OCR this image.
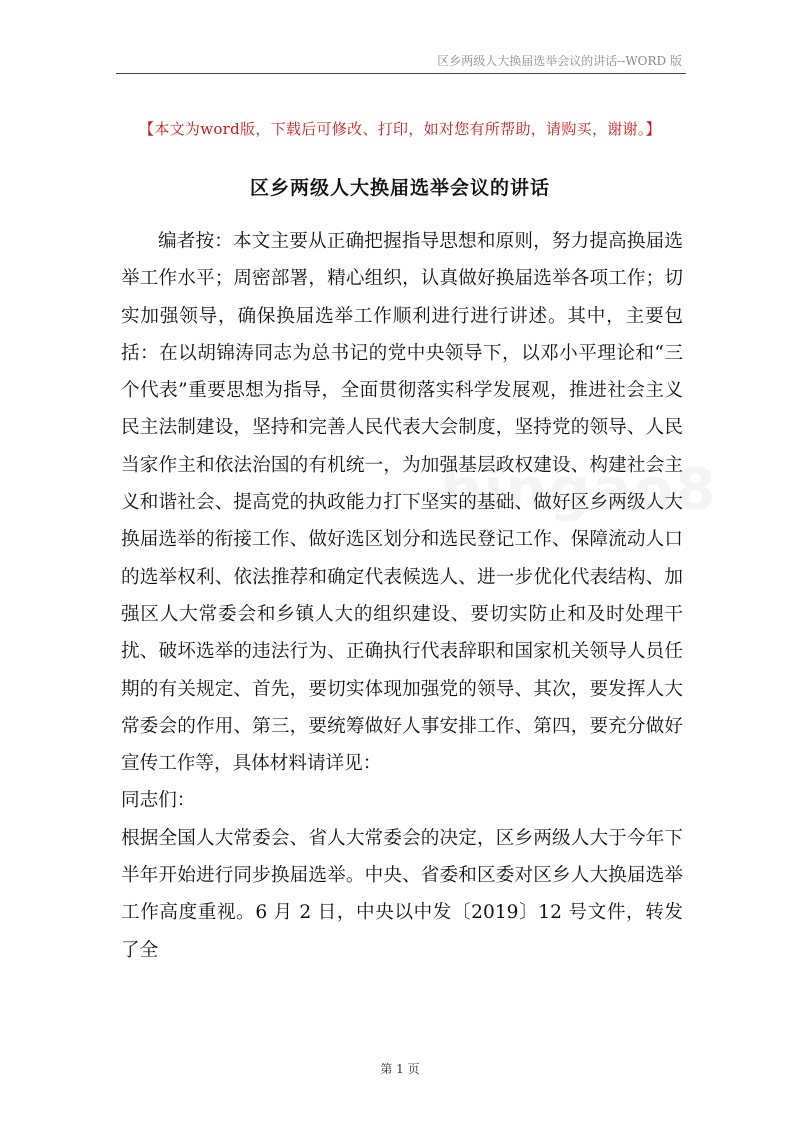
区乡两级人大换届选举会议的讲话--WORD 版
【本文为word版，下载后可修改、打印，如对您有所帮助，请购买，谢谢。】
区乡两级人大换届选举会议的讲话

编者按：本文主要从正确把握指导思想和原则，努力提高换届选举工作水平；周密部署，精心组织，认真做好换届选举各项工作；切实加强领导，确保换届选举工作顺利进行进行讲述。其中，主要包括：在以胡锦涛同志为总书记的党中央领导下，以邓小平理论和“三个代表”重要思想为指导，全面贯彻落实科学发展观，推进社会主义民主法制建设，坚持和完善人民代表大会制度，坚持党的领导、人民当家作主和依法治国的有机统一，为加强基层政权建设、构建社会主义和谐社会、提高党的执政能力打下坚实的基础、做好区乡两级人大换届选举的衔接工作、做好选区划分和选民登记工作、保障流动人口的选举权利、依法推荐和确定代表候选人、进一步优化代表结构、加强区人大常委会和乡镇人大的组织建设、要切实防止和及时处理干扰、破坏选举的违法行为、正确执行代表辞职和国家机关领导人员任期的有关规定、首先，要切实体现加强党的领导、其次，要发挥人大常委会的作用、第三，要统筹做好人事安排工作、第四，要充分做好宣传工作等，具体材料请详见：

同志们：

根据全国人大常委会、省人大常委会的决定，区乡两级人大于今年下半年开始进行同步换届选举。中央、省委和区委对区乡人大换届选举工作高度重视。6 月 2 日，中央以中发〔2019〕12 号文件，转发了全

第 1 页
